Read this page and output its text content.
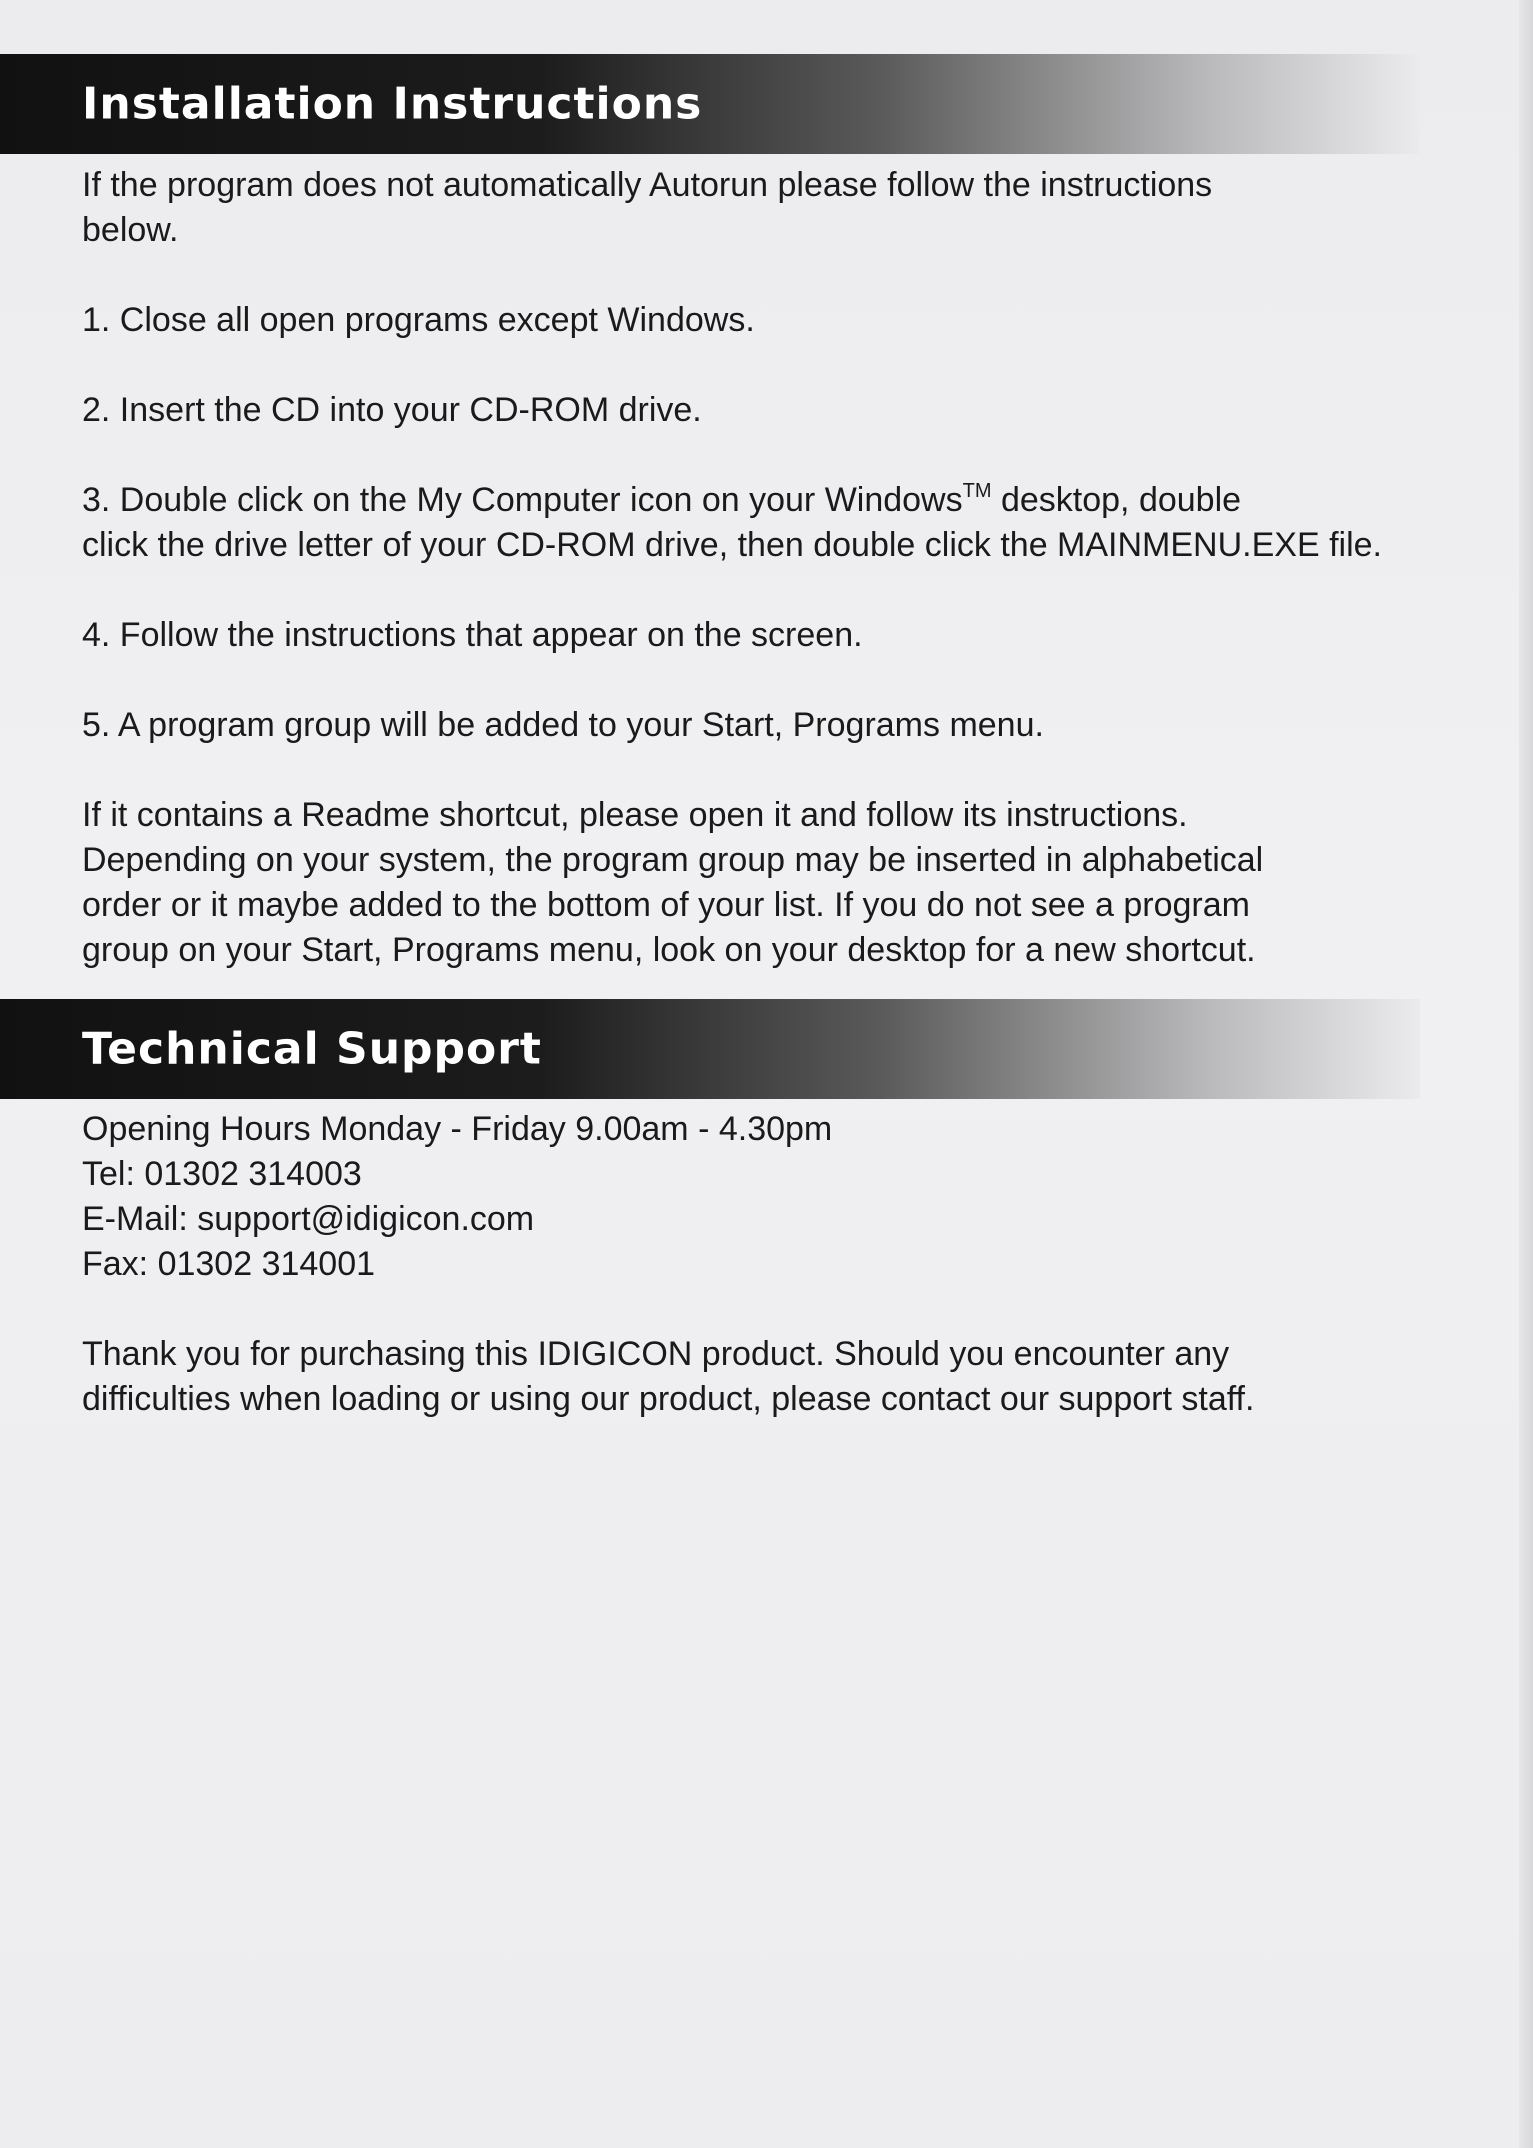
Installation Instructions
If the program does not automatically Autorun please follow the instructions
below.
1. Close all open programs except Windows.
2. Insert the CD into your CD-ROM drive.
3. Double click on the My Computer icon on your Windows™ desktop, double
click the drive letter of your CD-ROM drive, then double click the MAINMENU.EXE file.
4. Follow the instructions that appear on the screen.
5. A program group will be added to your Start, Programs menu.
If it contains a Readme shortcut, please open it and follow its instructions.
Depending on your system, the program group may be inserted in alphabetical
order or it maybe added to the bottom of your list. If you do not see a program
group on your Start, Programs menu, look on your desktop for a new shortcut.
Technical Support
Opening Hours Monday - Friday 9.00am - 4.30pm
Tel: 01302 314003
E-Mail: support@idigicon.com
Fax: 01302 314001
Thank you for purchasing this IDIGICON product. Should you encounter any
difficulties when loading or using our product, please contact our support staff.
